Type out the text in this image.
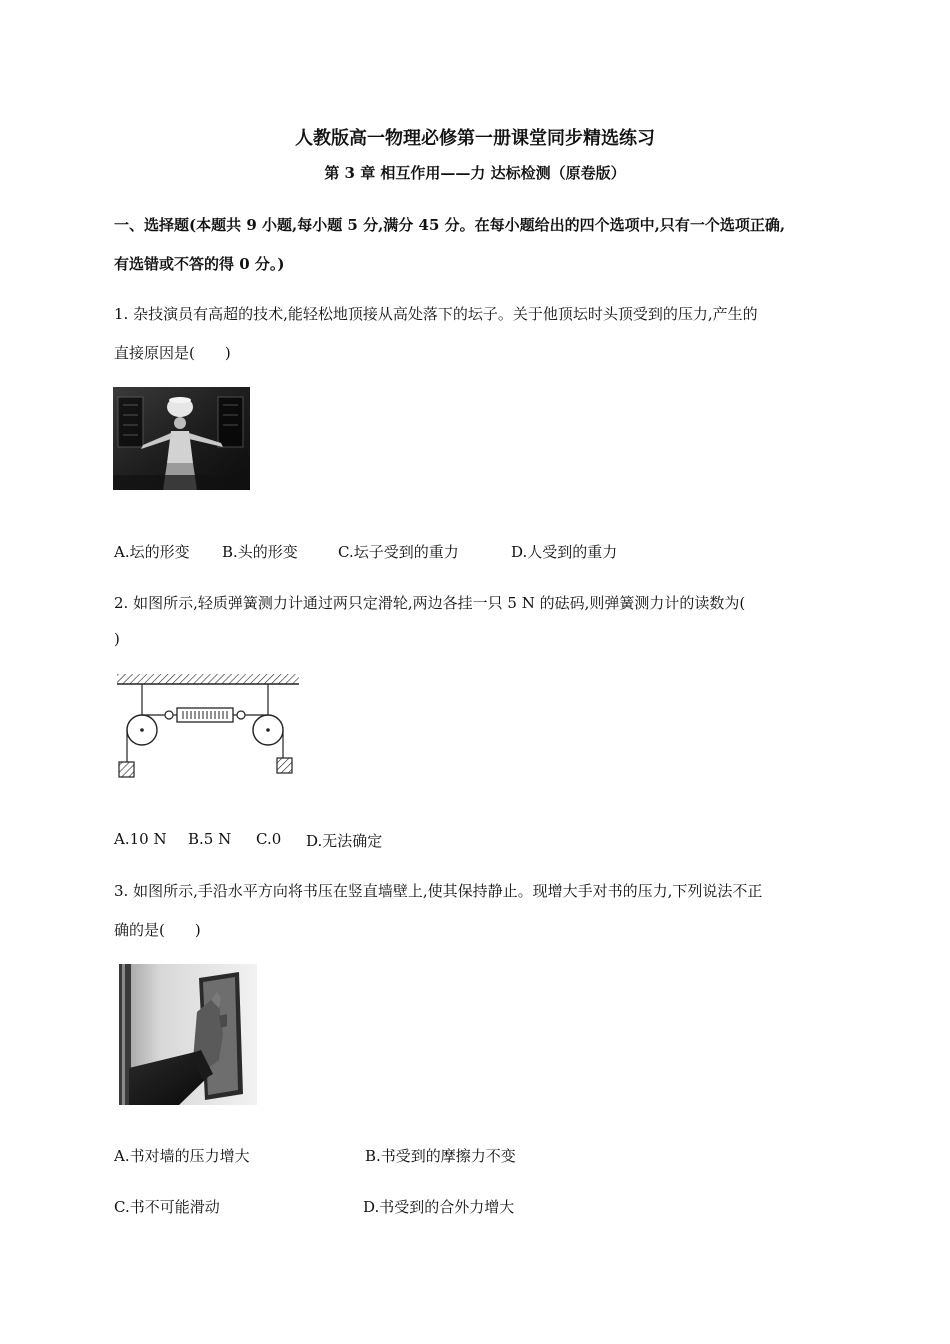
人教版高一物理必修第一册课堂同步精选练习
第 3 章 相互作用——力 达标检测（原卷版）
一、选择题(本题共 9 小题,每小题 5 分,满分 45 分。在每小题给出的四个选项中,只有一个选项正确,
有选错或不答的得 0 分。)
1. 杂技演员有高超的技术,能轻松地顶接从高处落下的坛子。关于他顶坛时头顶受到的压力,产生的
直接原因是(　　)
A.坛的形变 B.头的形变	C.坛子受到的重力	D.人受到的重力
2. 如图所示,轻质弹簧测力计通过两只定滑轮,两边各挂一只 5 N 的砝码,则弹簧测力计的读数为(
)
A.10 N B.5 N C.0 D.无法确定
3. 如图所示,手沿水平方向将书压在竖直墙壁上,使其保持静止。现增大手对书的压力,下列说法不正
确的是(　　)
A.书对墙的压力增大	B.书受到的摩擦力不变
C.书不可能滑动	D.书受到的合外力增大
